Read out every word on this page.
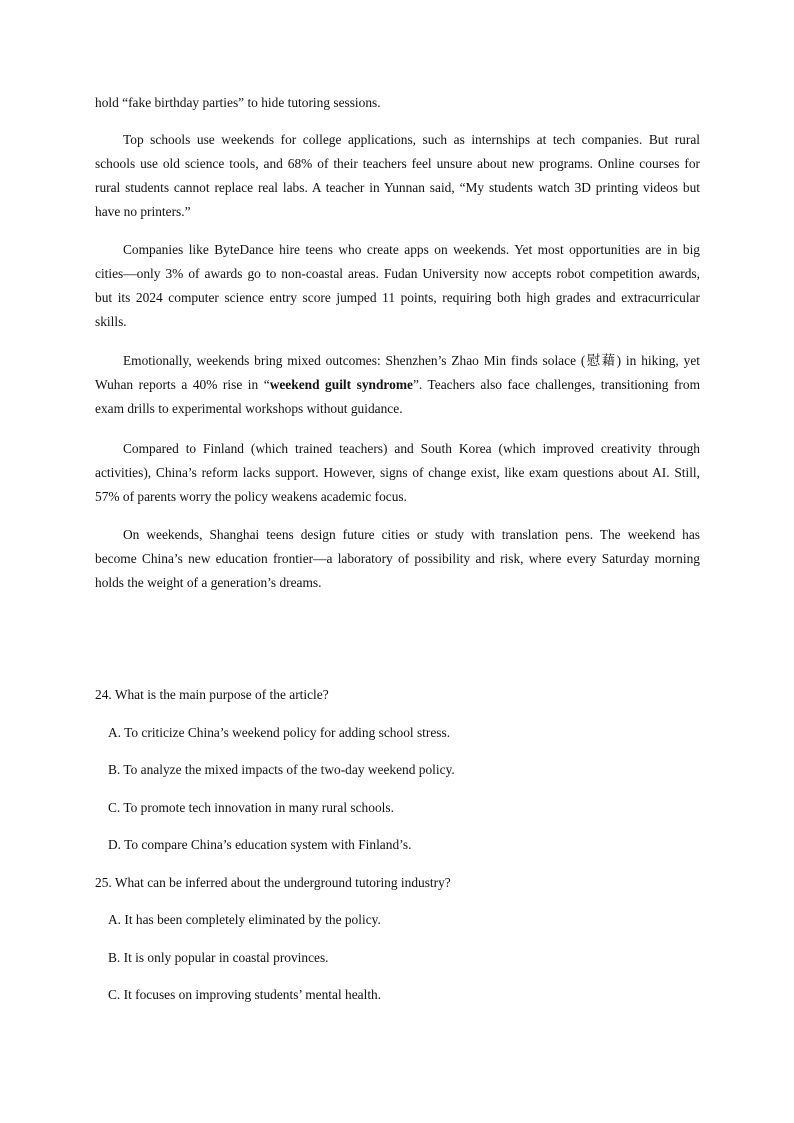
hold “fake birthday parties” to hide tutoring sessions.
Top schools use weekends for college applications, such as internships at tech companies. But rural
schools use old science tools, and 68% of their teachers feel unsure about new programs. Online courses for
rural students cannot replace real labs. A teacher in Yunnan said, “My students watch 3D printing videos but
have no printers.”
Companies like ByteDance hire teens who create apps on weekends. Yet most opportunities are in big
cities—only 3% of awards go to non-coastal areas. Fudan University now accepts robot competition awards,
but its 2024 computer science entry score jumped 11 points, requiring both high grades and extracurricular
skills.
Emotionally, weekends bring mixed outcomes: Shenzhen’s Zhao Min finds solace (慰藉) in hiking, yet
Wuhan reports a 40% rise in “weekend guilt syndrome”. Teachers also face challenges, transitioning from
exam drills to experimental workshops without guidance.
Compared to Finland (which trained teachers) and South Korea (which improved creativity through
activities), China’s reform lacks support. However, signs of change exist, like exam questions about AI. Still,
57% of parents worry the policy weakens academic focus.
On weekends, Shanghai teens design future cities or study with translation pens. The weekend has
become China’s new education frontier—a laboratory of possibility and risk, where every Saturday morning
holds the weight of a generation’s dreams.
24. What is the main purpose of the article?
A. To criticize China’s weekend policy for adding school stress.
B. To analyze the mixed impacts of the two-day weekend policy.
C. To promote tech innovation in many rural schools.
D. To compare China’s education system with Finland’s.
25. What can be inferred about the underground tutoring industry?
A. It has been completely eliminated by the policy.
B. It is only popular in coastal provinces.
C. It focuses on improving students’ mental health.
